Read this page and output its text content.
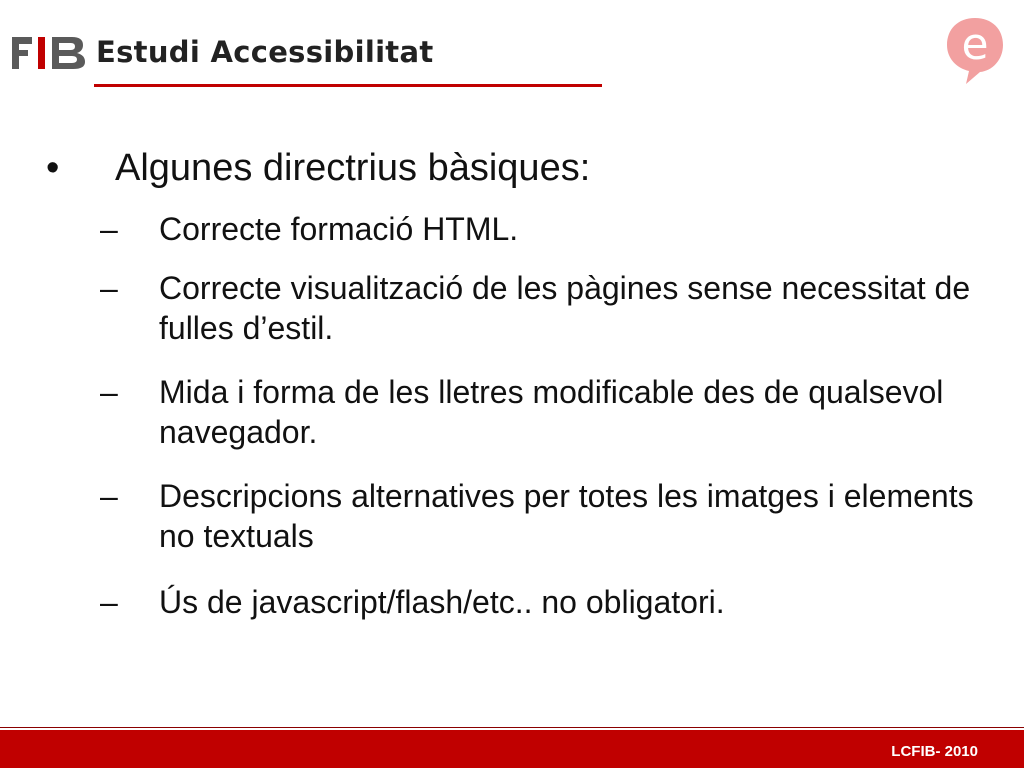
Estudi Accessibilitat	e
• Algunes directrius bàsiques:
– Correcte formació HTML.
– Correcte visualització de les pàgines sense necessitat de fulles d’estil.
– Mida i forma de les lletres modificable des de qualsevol navegador.
– Descripcions alternatives per totes les imatges i elements no textuals
– Ús de javascript/flash/etc.. no obligatori.
LCFIB- 2010
